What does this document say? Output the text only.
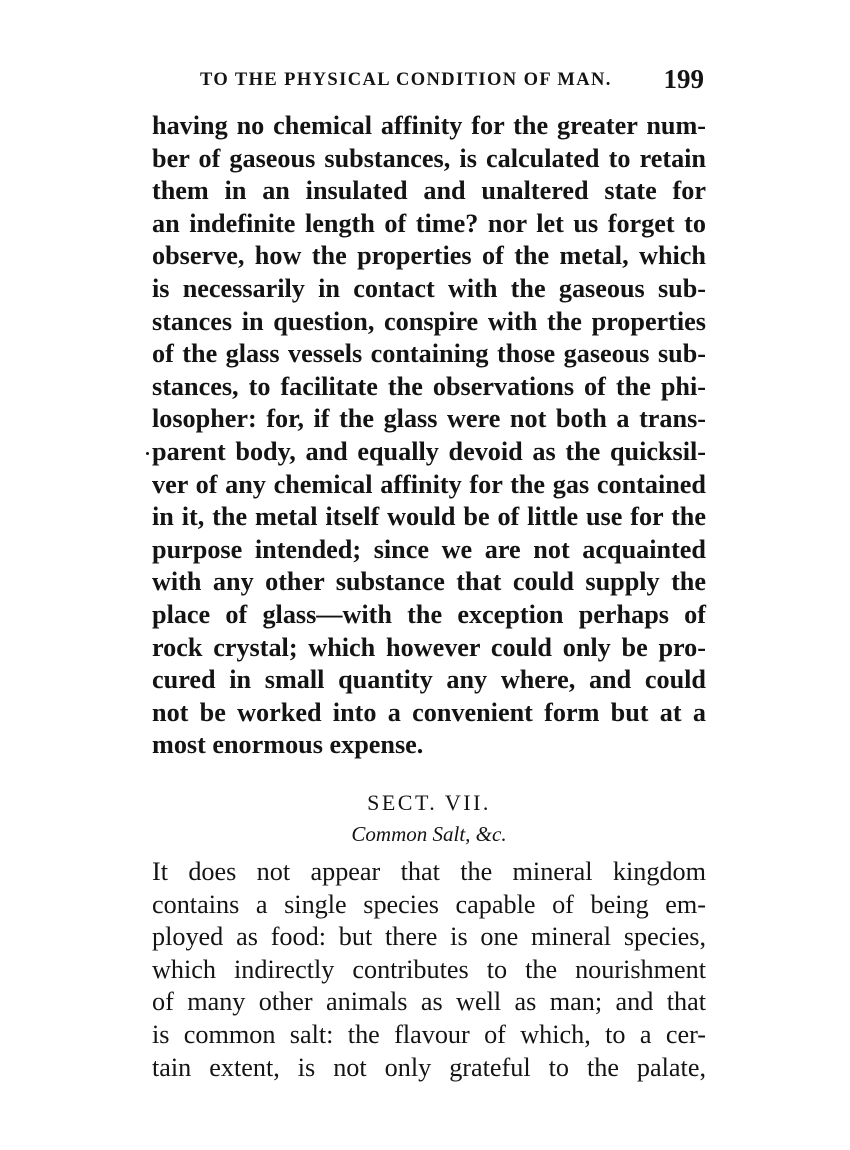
TO THE PHYSICAL CONDITION OF MAN. 199
having no chemical affinity for the greater num-
ber of gaseous substances, is calculated to retain
them in an insulated and unaltered state for
an indefinite length of time? nor let us forget to
observe, how the properties of the metal, which
is necessarily in contact with the gaseous sub-
stances in question, conspire with the properties
of the glass vessels containing those gaseous sub-
stances, to facilitate the observations of the phi-
losopher: for, if the glass were not both a trans-
parent body, and equally devoid as the quicksil-
ver of any chemical affinity for the gas contained
in it, the metal itself would be of little use for the
purpose intended; since we are not acquainted
with any other substance that could supply the
place of glass—with the exception perhaps of
rock crystal; which however could only be pro-
cured in small quantity any where, and could
not be worked into a convenient form but at a
most enormous expense.
SECT. VII.
Common Salt, &c.
It does not appear that the mineral kingdom
contains a single species capable of being em-
ployed as food: but there is one mineral species,
which indirectly contributes to the nourishment
of many other animals as well as man; and that
is common salt: the flavour of which, to a cer-
tain extent, is not only grateful to the palate,
